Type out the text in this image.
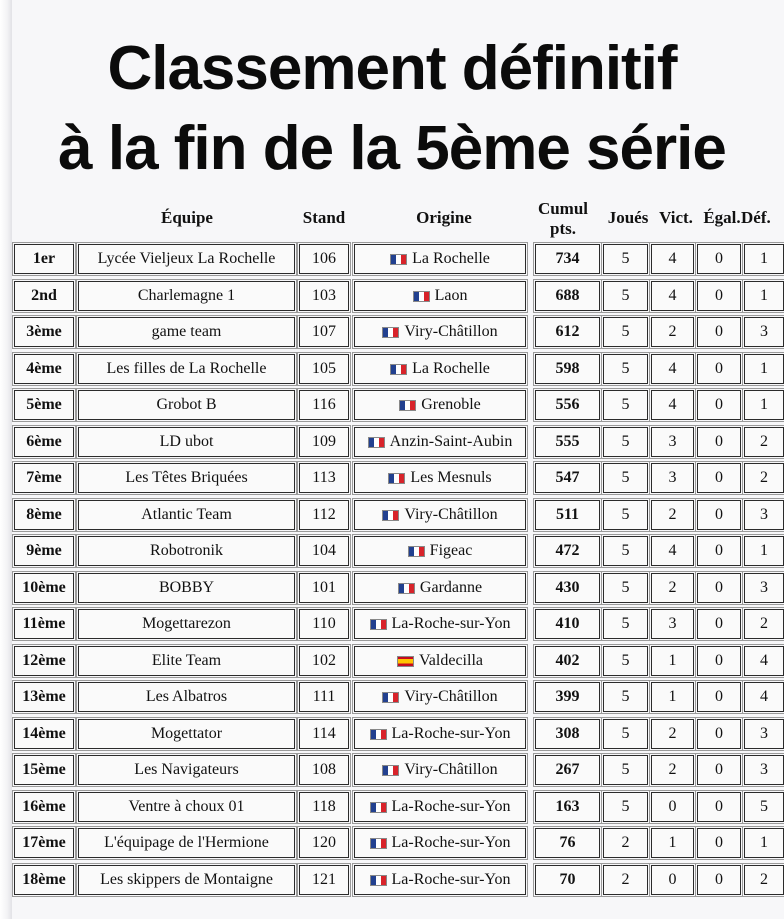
Classement définitif
à la fin de la 5ème série
Équipe	Stand	Origine	Cumul pts.
Joués Vict. Égal. Déf.
1er	Lycée Vieljeux La Rochelle 106	La Rochelle	734	5 4 0 1
2nd	Charlemagne 1	103	Laon	688	5 4 0 1
3ème	game team	107	Viry-Châtillon	612	5 2 0 3
4ème	Les filles de La Rochelle	105	La Rochelle	598	5 4 0 1
5ème	Grobot B	116	Grenoble	556	5 4 0 1
6ème	LD ubot	109	Anzin-Saint-Aubin	555	5 3 0 2
7ème	Les Têtes Briquées	113	Les Mesnuls	547	5 3 0 2
8ème	Atlantic Team	112	Viry-Châtillon	511	5 2 0 3
9ème	Robotronik	104	Figeac	472	5 4 0 1
10ème	BOBBY	101	Gardanne	430	5 2 0 3
11ème	Mogettarezon	110	La-Roche-sur-Yon	410	5 3 0 2
12ème	Elite Team	102	Valdecilla	402	5 1 0 4
13ème	Les Albatros	111	Viry-Châtillon	399	5 1 0 4
14ème	Mogettator	114	La-Roche-sur-Yon	308	5 2 0 3
15ème	Les Navigateurs	108	Viry-Châtillon	267	5 2 0 3
16ème	Ventre à choux 01	118	La-Roche-sur-Yon	163	5 0 0 5
17ème L'équipage de l'Hermione	120	La-Roche-sur-Yon	76	2 1 0 1
18ème Les skippers de Montaigne 121	La-Roche-sur-Yon	70	2 0 0 2
